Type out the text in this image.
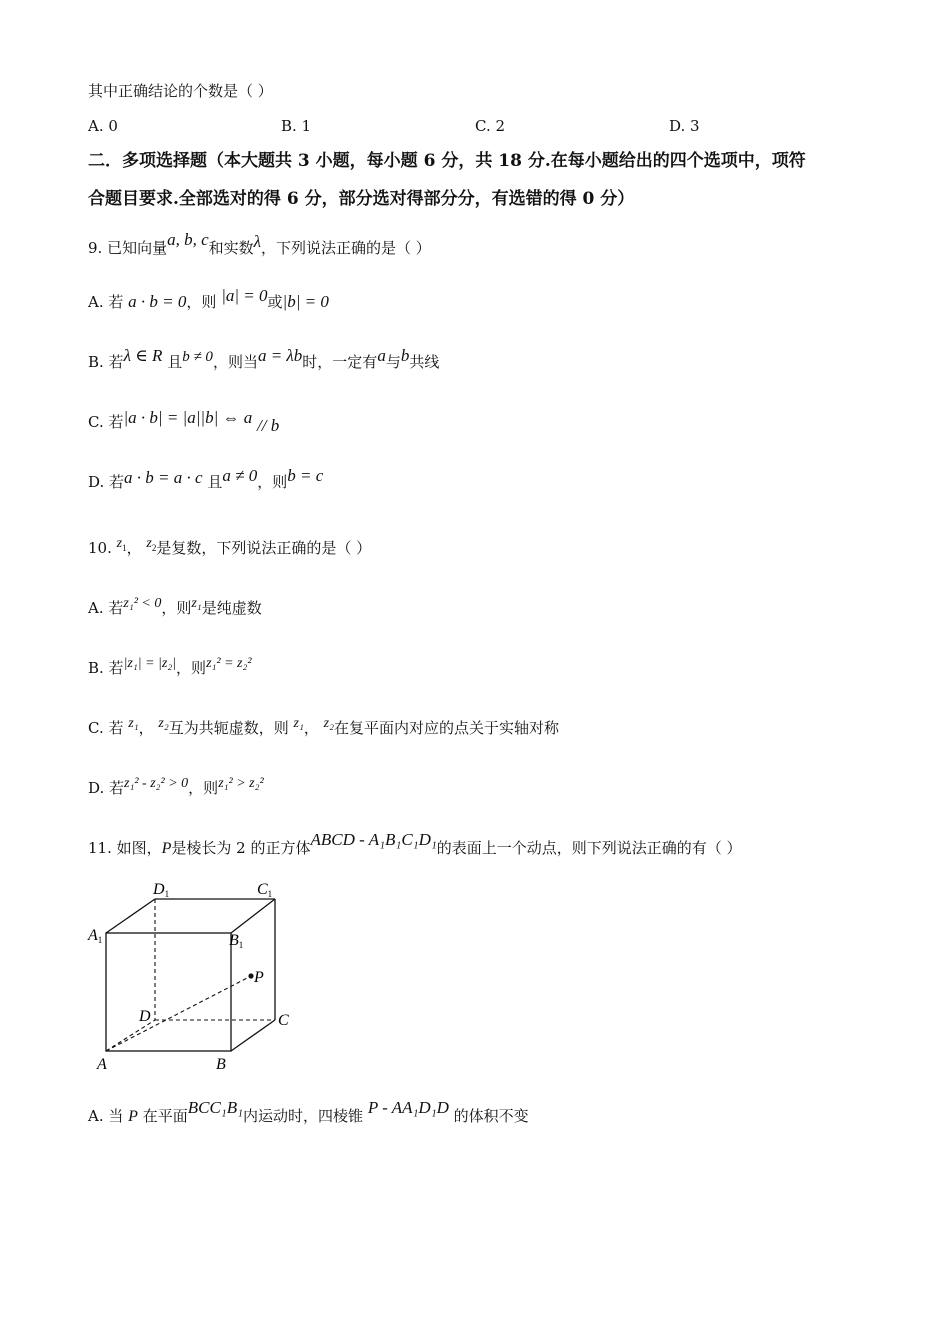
其中正确结论的个数是（ ）
A. 0	B. 1	C. 2	D. 3
二．多项选择题（本大题共 3 小题，每小题 6 分，共 18 分.在每小题给出的四个选项中，项符
合题目要求.全部选对的得 6 分，部分选对得部分分，有选错的得 0 分）
9. 已知向量a, b, c和实数λ，下列说法正确的是（ ）
A. 若 a · b = 0，则 |a| = 0或|b| = 0
B. 若λ ∈ R 且b ≠ 0，则当a = λb时，一定有a与b共线
C. 若|a · b| = |a||b| ⇔ a // b
D. 若a · b = a · c 且a ≠ 0，则b = c
10. $z_1$， $z_2$是复数，下列说法正确的是（ ）
A. 若z₁² < 0，则z₁是纯虚数
B. 若|z₁| = |z₂|，则z₁² = z₂²
C. 若 z₁， z₂互为共轭虚数，则 z₁， z₂在复平面内对应的点关于实轴对称
D. 若z₁² - z₂² > 0，则z₁² > z₂²
11. 如图，P是棱长为 2 的正方体ABCD - A₁B₁C₁D₁的表面上一个动点，则下列说法正确的有（ ）
D1	C1
A1	B1
P
D	C
A	B
A. 当 P 在平面BCC₁B₁内运动时，四棱锥 P - AA₁D₁D 的体积不变
